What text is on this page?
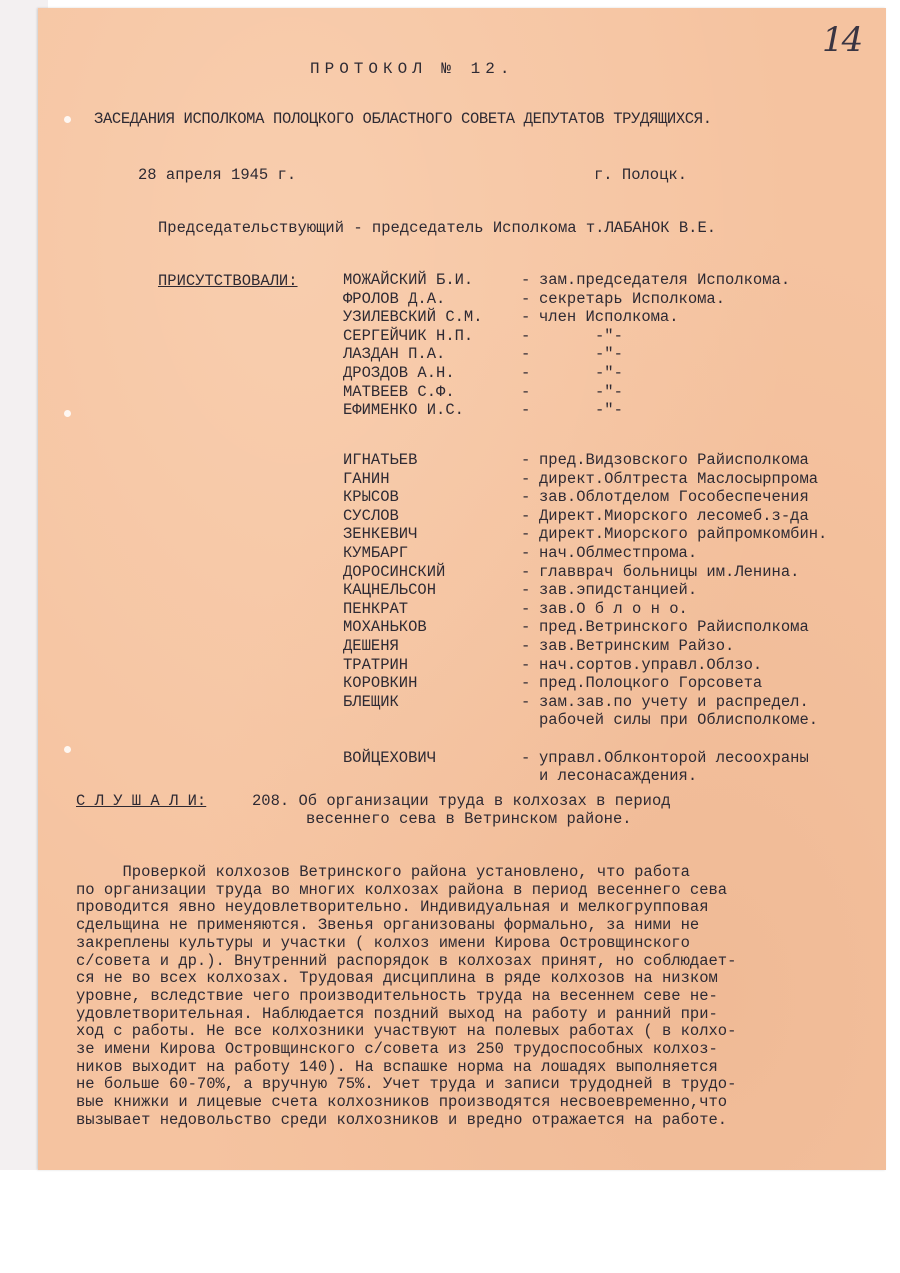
14
ПРОТОКОЛ № 12.
ЗАСЕДАНИЯ ИСПОЛКОМА ПОЛОЦКОГО ОБЛАСТНОГО СОВЕТА ДЕПУТАТОВ ТРУДЯЩИХСЯ.
28 апреля 1945 г.	г. Полоцк.
Председательствующий - председатель Исполкома т.ЛАБАНОК В.Е.
ПРИСУТСТВОВАЛИ:	МОЖАЙСКИЙ Б.И.	- зам.председателя Исполкома.
ФРОЛОВ Д.А.	- секретарь Исполкома.
УЗИЛЕВСКИЙ С.М. - член Исполкома.
СЕРГЕЙЧИК Н.П.	-	-"-
ЛАЗДАН П.А.	-	-"-
ДРОЗДОВ А.Н.	-	-"-
МАТВЕЕВ С.Ф.	-	-"-
ЕФИМЕНКО И.С.	-	-"-
ИГНАТЬЕВ	- пред.Видзовского Райисполкома
ГАНИН	- директ.Облтреста Маслосырпрома
КРЫСОВ	- зав.Облотделом Гособеспечения
СУСЛОВ	- Директ.Миорского лесомеб.з-да
ЗЕНКЕВИЧ	- директ.Миорского райпромкомбин.
КУМБАРГ	- нач.Облместпрома.
ДОРОСИНСКИЙ	- главврач больницы им.Ленина.
КАЦНЕЛЬСОН	- зав.эпидстанцией.
ПЕНКРАТ	- зав.О б л о н о.
МОХАНЬКОВ	- пред.Ветринского Райисполкома
ДЕШЕНЯ	- зав.Ветринским Райзо.
ТРАТРИН	- нач.сортов.управл.Облзо.
КОРОВКИН	- пред.Полоцкого Горсовета
БЛЕЩИК	- зам.зав.по учету и распредел.
рабочей силы при Облисполкоме.
ВОЙЦЕХОВИЧ	- управл.Облконторой лесоохраны
и лесонасаждения.
С Л У Ш А Л И:	208. Об организации труда в колхозах в период
весеннего сева в Ветринском районе.
Проверкой колхозов Ветринского района установлено, что работа
по организации труда во многих колхозах района в период весеннего сева
проводится явно неудовлетворительно. Индивидуальная и мелкогрупповая
сдельщина не применяются. Звенья организованы формально, за ними не
закреплены культуры и участки ( колхоз имени Кирова Островщинского
с/совета и др.). Внутренний распорядок в колхозах принят, но соблюдает-
ся не во всех колхозах. Трудовая дисциплина в ряде колхозов на низком
уровне, вследствие чего производительность труда на весеннем севе не-
удовлетворительная. Наблюдается поздний выход на работу и ранний при-
ход с работы. Не все колхозники участвуют на полевых работах ( в колхо-
зе имени Кирова Островщинского с/совета из 250 трудоспособных колхоз-
ников выходит на работу 140). На вспашке норма на лошадях выполняется
не больше 60-70%, а вручную 75%. Учет труда и записи трудодней в трудо-
вые книжки и лицевые счета колхозников производятся несвоевременно,что
вызывает недовольство среди колхозников и вредно отражается на работе.
